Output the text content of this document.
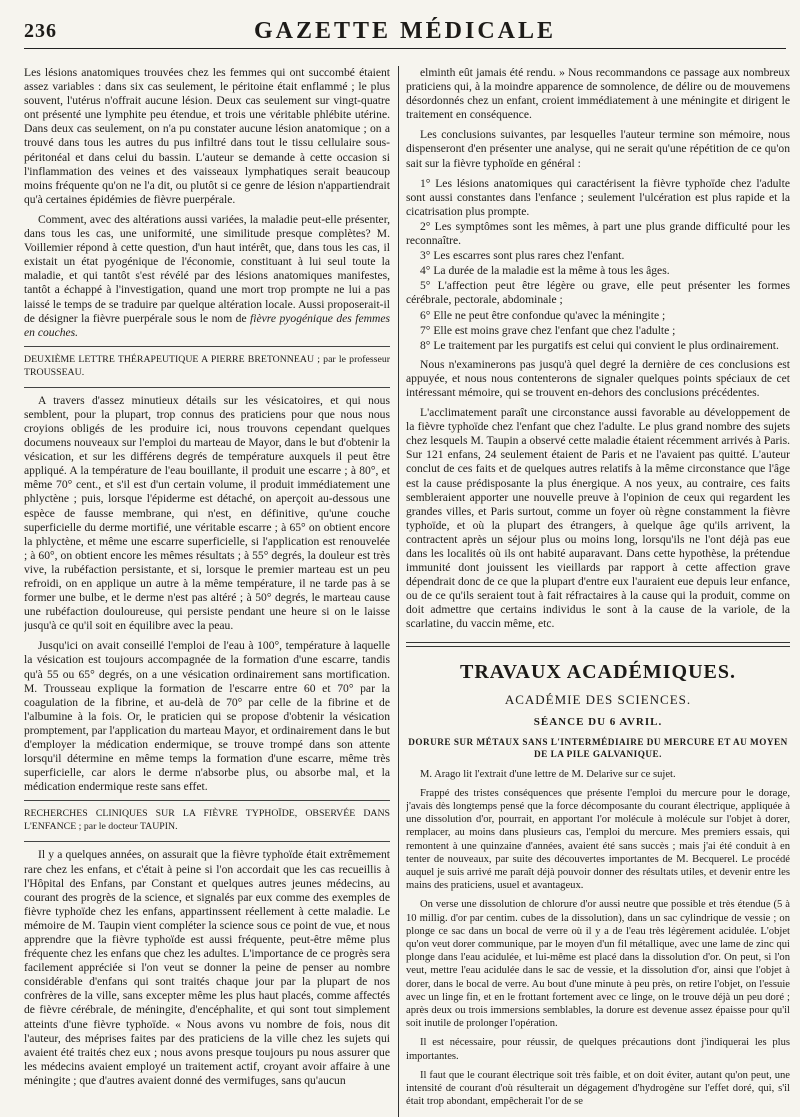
236	GAZETTE MÉDICALE

Les lésions anatomiques trouvées chez les femmes qui ont succombé étaient assez variables : dans six cas seulement, le péritoine était enflammé ; le plus souvent, l'utérus n'offrait aucune lésion. Deux cas seulement sur vingt-quatre ont présenté une lymphite peu étendue, et trois une véritable phlébite utérine. Dans deux cas seulement, on n'a pu constater aucune lésion anatomique ; on a trouvé dans tous les autres du pus infiltré dans tout le tissu cellulaire sous-péritonéal et dans celui du bassin. L'auteur se demande à cette occasion si l'inflammation des veines et des vaisseaux lymphatiques serait beaucoup moins fréquente qu'on ne l'a dit, ou plutôt si ce genre de lésion n'appartiendrait qu'à certaines épidémies de fièvre puerpérale.

Comment, avec des altérations aussi variées, la maladie peut-elle présenter, dans tous les cas, une uniformité, une similitude presque complètes? M. Voillemier répond à cette question, d'un haut intérêt, que, dans tous les cas, il existait un état pyogénique de l'économie, constituant à lui seul toute la maladie, et qui tantôt s'est révélé par des lésions anatomiques manifestes, tantôt a échappé à l'investigation, quand une mort trop prompte ne lui a pas laissé le temps de se traduire par quelque altération locale. Aussi proposerait-il de désigner la fièvre puerpérale sous le nom de fièvre pyogénique des femmes en couches.

DEUXIÈME LETTRE THÉRAPEUTIQUE A PIERRE BRETONNEAU ; par le professeur TROUSSEAU.

A travers d'assez minutieux détails sur les vésicatoires, et qui nous semblent, pour la plupart, trop connus des praticiens pour que nous nous croyions obligés de les produire ici, nous trouvons cependant quelques documens nouveaux sur l'emploi du marteau de Mayor, dans le but d'obtenir la vésication, et sur les différens degrés de température auxquels il peut être appliqué. A la température de l'eau bouillante, il produit une escarre ; à 80°, et même 70° cent., et s'il est d'un certain volume, il produit immédiatement une phlyctène ; puis, lorsque l'épiderme est détaché, on aperçoit au-dessous une espèce de fausse membrane, qui n'est, en définitive, qu'une couche superficielle du derme mortifié, une véritable escarre ; à 65° on obtient encore la phlyctène, et même une escarre superficielle, si l'application est renouvelée ; à 60°, on obtient encore les mêmes résultats ; à 55° degrés, la douleur est très vive, la rubéfaction persistante, et si, lorsque le premier marteau est un peu refroidi, on en applique un autre à la même température, il ne tarde pas à se former une bulbe, et le derme n'est pas altéré ; à 50° degrés, le marteau cause une rubéfaction douloureuse, qui persiste pendant une heure si on le laisse jusqu'à ce qu'il soit en équilibre avec la peau.

Jusqu'ici on avait conseillé l'emploi de l'eau à 100°, température à laquelle la vésication est toujours accompagnée de la formation d'une escarre, tandis qu'à 55 ou 65° degrés, on a une vésication ordinairement sans mortification. M. Trousseau explique la formation de l'escarre entre 60 et 70° par la coagulation de la fibrine, et au-delà de 70° par celle de la fibrine et de l'albumine à la fois. Or, le praticien qui se propose d'obtenir la vésication promptement, par l'application du marteau Mayor, et ordinairement dans le but d'employer la médication endermique, se trouve trompé dans son attente lorsqu'il détermine en même temps la formation d'une escarre, même très superficielle, car alors le derme n'absorbe plus, ou absorbe mal, et la médication endermique reste sans effet.

RECHERCHES CLINIQUES SUR LA FIÈVRE TYPHOÏDE, OBSERVÉE DANS L'ENFANCE ; par le docteur TAUPIN.

Il y a quelques années, on assurait que la fièvre typhoïde était extrêmement rare chez les enfans, et c'était à peine si l'on accordait que les cas recueillis à l'Hôpital des Enfans, par Constant et quelques autres jeunes médecins, au courant des progrès de la science, et signalés par eux comme des exemples de fièvre typhoïde chez les enfans, appartinssent réellement à cette maladie. Le mémoire de M. Taupin vient compléter la science sous ce point de vue, et nous apprendre que la fièvre typhoïde est aussi fréquente, peut-être même plus fréquente chez les enfans que chez les adultes. L'importance de ce progrès sera facilement appréciée si l'on veut se donner la peine de penser au nombre considérable d'enfans qui sont traités chaque jour par la plupart de nos confrères de la ville, sans excepter même les plus haut placés, comme affectés de fièvre cérébrale, de méningite, d'encéphalite, et qui sont tout simplement atteints d'une fièvre typhoïde. « Nous avons vu nombre de fois, nous dit l'auteur, des méprises faites par des praticiens de la ville chez les sujets qui avaient été traités chez eux ; nous avons presque toujours pu nous assurer que les médecins avaient employé un traitement actif, croyant avoir affaire à une méningite ; que d'autres avaient donné des vermifuges, sans qu'aucun

elminth eût jamais été rendu. » Nous recommandons ce passage aux nombreux praticiens qui, à la moindre apparence de somnolence, de délire ou de mouvemens désordonnés chez un enfant, croient immédiatement à une méningite et dirigent le traitement en conséquence.

Les conclusions suivantes, par lesquelles l'auteur termine son mémoire, nous dispenseront d'en présenter une analyse, qui ne serait qu'une répétition de ce qu'on sait sur la fièvre typhoïde en général :

1° Les lésions anatomiques qui caractérisent la fièvre typhoïde chez l'adulte sont aussi constantes dans l'enfance ; seulement l'ulcération est plus rapide et la cicatrisation plus prompte.

2° Les symptômes sont les mêmes, à part une plus grande difficulté pour les reconnaître.

3° Les escarres sont plus rares chez l'enfant.

4° La durée de la maladie est la même à tous les âges.

5° L'affection peut être légère ou grave, elle peut présenter les formes cérébrale, pectorale, abdominale ;

6° Elle ne peut être confondue qu'avec la méningite ;

7° Elle est moins grave chez l'enfant que chez l'adulte ;

8° Le traitement par les purgatifs est celui qui convient le plus ordinairement.

Nous n'examinerons pas jusqu'à quel degré la dernière de ces conclusions est appuyée, et nous nous contenterons de signaler quelques points spéciaux de cet intéressant mémoire, qui se trouvent en-dehors des conclusions précédentes.

L'acclimatement paraît une circonstance aussi favorable au développement de la fièvre typhoïde chez l'enfant que chez l'adulte. Le plus grand nombre des sujets chez lesquels M. Taupin a observé cette maladie étaient récemment arrivés à Paris. Sur 121 enfans, 24 seulement étaient de Paris et ne l'avaient pas quitté. L'auteur conclut de ces faits et de quelques autres relatifs à la même circonstance que l'âge est la cause prédisposante la plus énergique. A nos yeux, au contraire, ces faits sembleraient apporter une nouvelle preuve à l'opinion de ceux qui regardent les grandes villes, et Paris surtout, comme un foyer où règne constamment la fièvre typhoïde, et où la plupart des étrangers, à quelque âge qu'ils arrivent, la contractent après un séjour plus ou moins long, lorsqu'ils ne l'ont déjà pas eue dans les localités où ils ont habité auparavant. Dans cette hypothèse, la prétendue immunité dont jouissent les vieillards par rapport à cette affection grave dépendrait donc de ce que la plupart d'entre eux l'auraient eue depuis leur enfance, ou de ce qu'ils seraient tout à fait réfractaires à la cause qui la produit, comme on doit admettre que certains individus le sont à la cause de la variole, de la scarlatine, du vaccin même, etc.

TRAVAUX ACADÉMIQUES.
ACADÉMIE DES SCIENCES.
SÉANCE DU 6 AVRIL.
DORURE SUR MÉTAUX SANS L'INTERMÉDIAIRE DU MERCURE ET AU MOYEN DE LA PILE GALVANIQUE.

M. Arago lit l'extrait d'une lettre de M. Delarive sur ce sujet.

Frappé des tristes conséquences que présente l'emploi du mercure pour le dorage, j'avais dès longtemps pensé que la force décomposante du courant électrique, appliquée à une dissolution d'or, pourrait, en apportant l'or molécule à molécule sur l'objet à dorer, remplacer, au moins dans plusieurs cas, l'emploi du mercure. Mes premiers essais, qui remontent à une quinzaine d'années, avaient été sans succès ; mais j'ai été conduit à en tenter de nouveaux, par suite des découvertes importantes de M. Becquerel. Le procédé auquel je suis arrivé me paraît déjà pouvoir donner des résultats utiles, et devenir entre les mains des praticiens, usuel et avantageux.

On verse une dissolution de chlorure d'or aussi neutre que possible et très étendue (5 à 10 millig. d'or par centim. cubes de la dissolution), dans un sac cylindrique de vessie ; on plonge ce sac dans un bocal de verre où il y a de l'eau très légèrement acidulée. L'objet qu'on veut dorer communique, par le moyen d'un fil métallique, avec une lame de zinc qui plonge dans l'eau acidulée, et lui-même est placé dans la dissolution d'or. On peut, si l'on veut, mettre l'eau acidulée dans le sac de vessie, et la dissolution d'or, ainsi que l'objet à dorer, dans le bocal de verre. Au bout d'une minute à peu près, on retire l'objet, on l'essuie avec un linge fin, et en le frottant fortement avec ce linge, on le trouve déjà un peu doré ; après deux ou trois immersions semblables, la dorure est devenue assez épaisse pour qu'il soit inutile de prolonger l'opération.

Il est nécessaire, pour réussir, de quelques précautions dont j'indiquerai les plus importantes.

Il faut que le courant électrique soit très faible, et on doit éviter, autant qu'on peut, une intensité de courant d'où résulterait un dégagement d'hydrogène sur l'effet doré, qui, s'il était trop abondant, empêcherait l'or de se
